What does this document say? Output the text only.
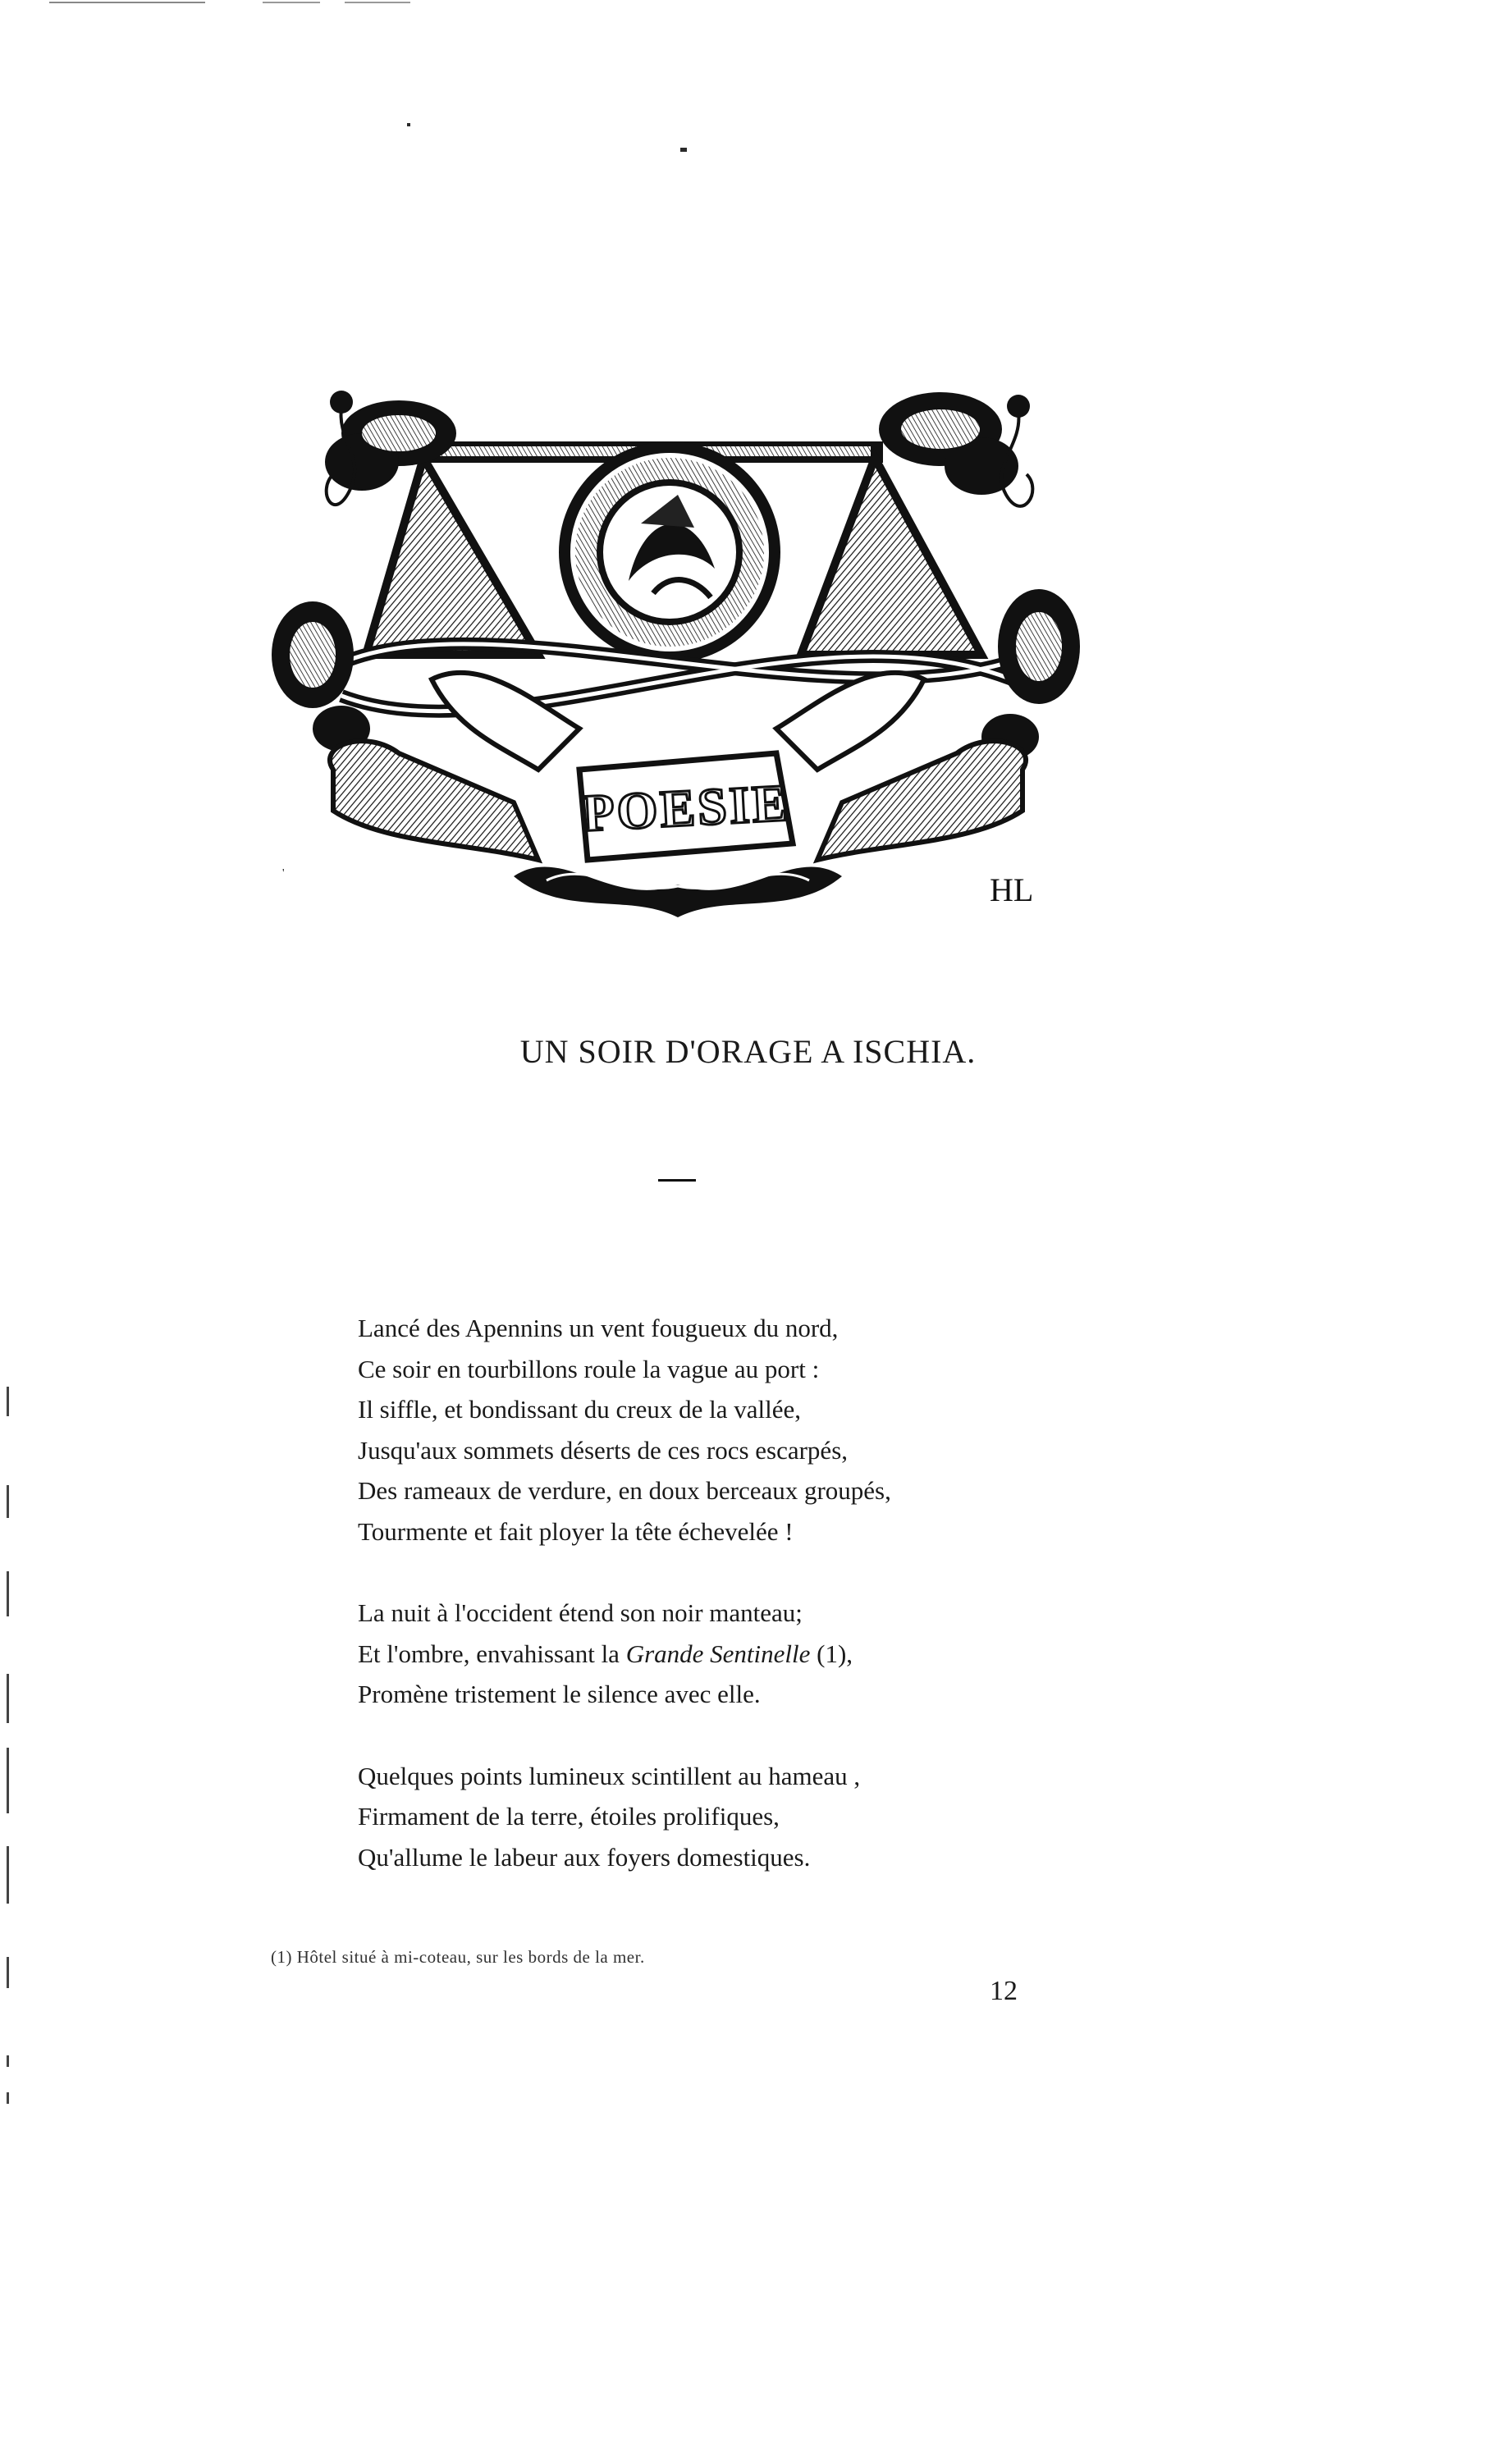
POESIE
'	HL
UN SOIR D'ORAGE A ISCHIA.
Lancé des Apennins un vent fougueux du nord,
Ce soir en tourbillons roule la vague au port :
Il siffle, et bondissant du creux de la vallée,
Jusqu'aux sommets déserts de ces rocs escarpés,
Des rameaux de verdure, en doux berceaux groupés,
Tourmente et fait ployer la tête échevelée !
La nuit à l'occident étend son noir manteau;
Et l'ombre, envahissant la Grande Sentinelle (1),
Promène tristement le silence avec elle.
Quelques points lumineux scintillent au hameau ,
Firmament de la terre, étoiles prolifiques,
Qu'allume le labeur aux foyers domestiques.
(1) Hôtel situé à mi-coteau, sur les bords de la mer.
12
